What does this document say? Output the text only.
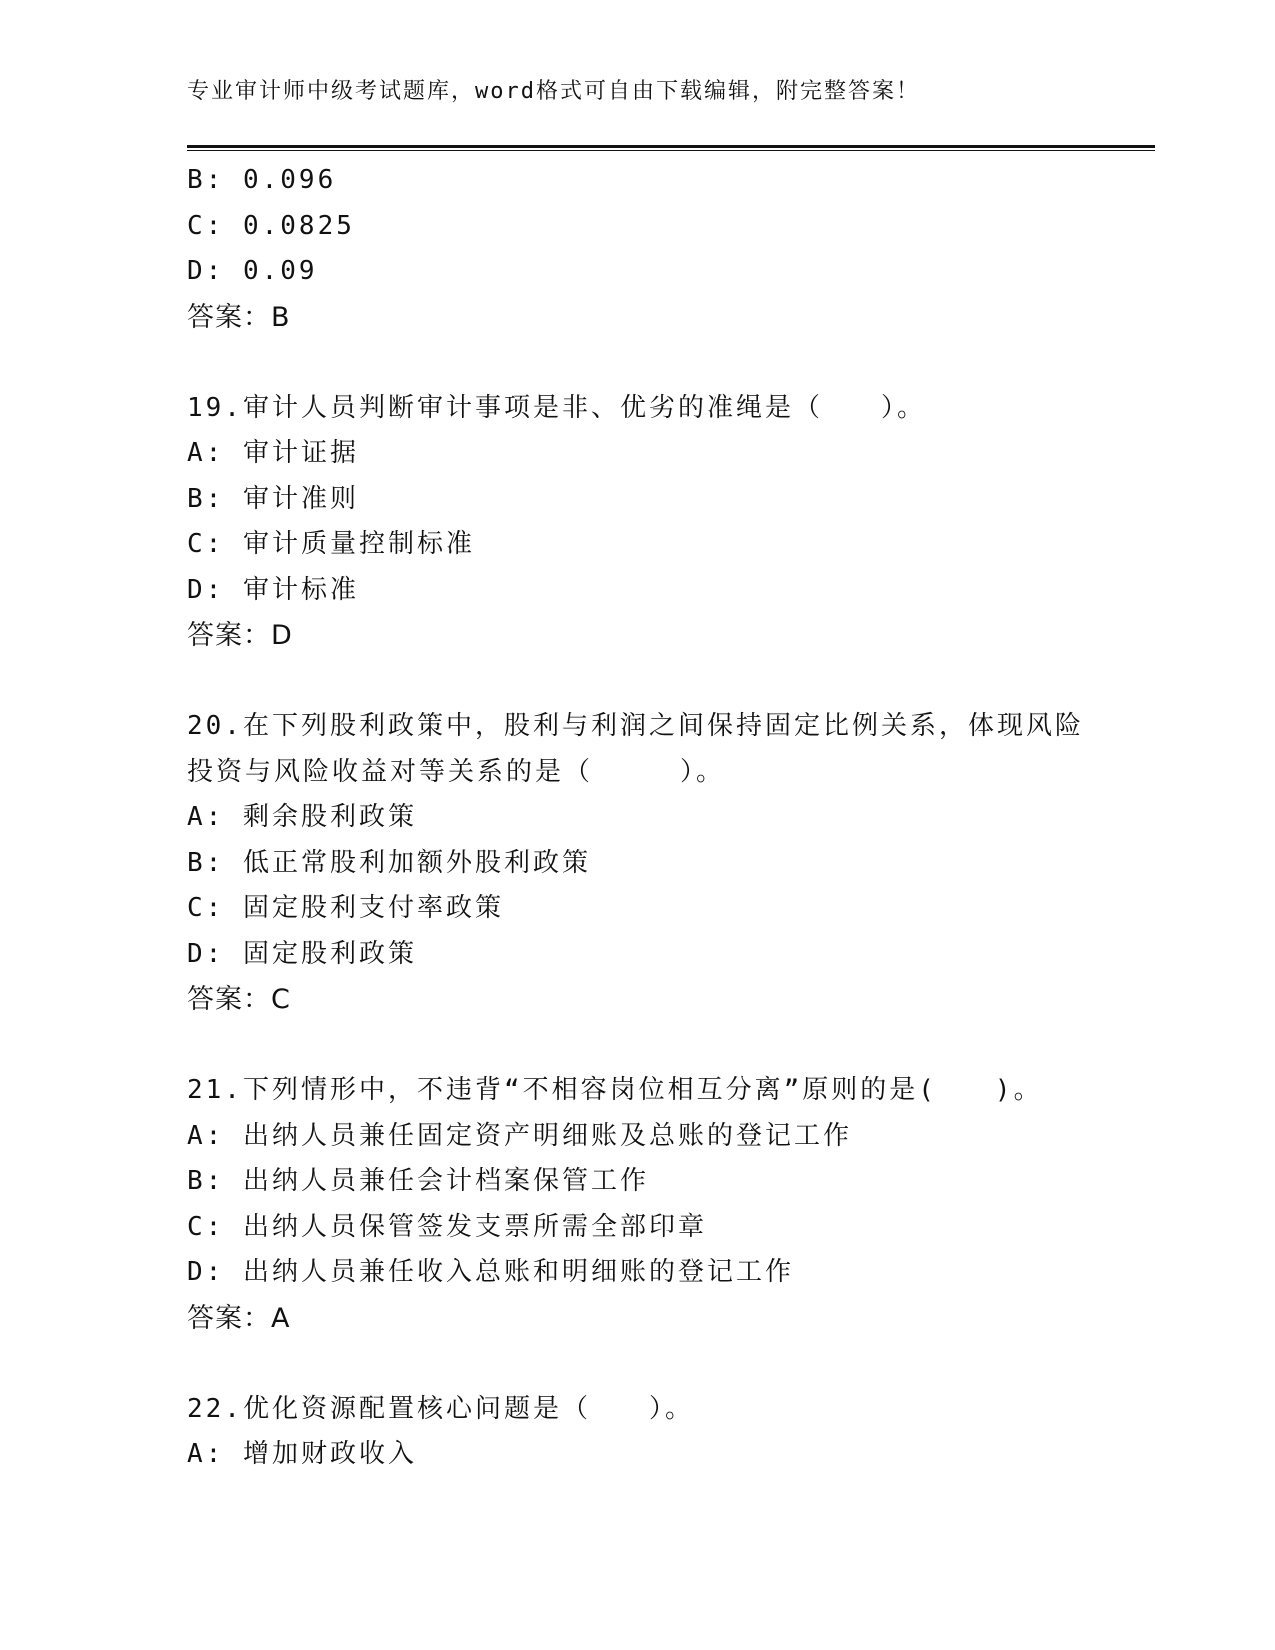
专业审计师中级考试题库，word格式可自由下载编辑，附完整答案！
B: 0.096
C: 0.0825
D: 0.09
答案：B
19.审计人员判断审计事项是非、优劣的准绳是（　　）。
A: 审计证据
B: 审计准则
C: 审计质量控制标准
D: 审计标准
答案：D
20.在下列股利政策中，股利与利润之间保持固定比例关系，体现风险
投资与风险收益对等关系的是（　　　）。
A: 剩余股利政策
B: 低正常股利加额外股利政策
C: 固定股利支付率政策
D: 固定股利政策
答案：C
21.下列情形中，不违背“不相容岗位相互分离”原则的是(　　)。
A: 出纳人员兼任固定资产明细账及总账的登记工作
B: 出纳人员兼任会计档案保管工作
C: 出纳人员保管签发支票所需全部印章
D: 出纳人员兼任收入总账和明细账的登记工作
答案：A
22.优化资源配置核心问题是（　　）。
A: 增加财政收入
